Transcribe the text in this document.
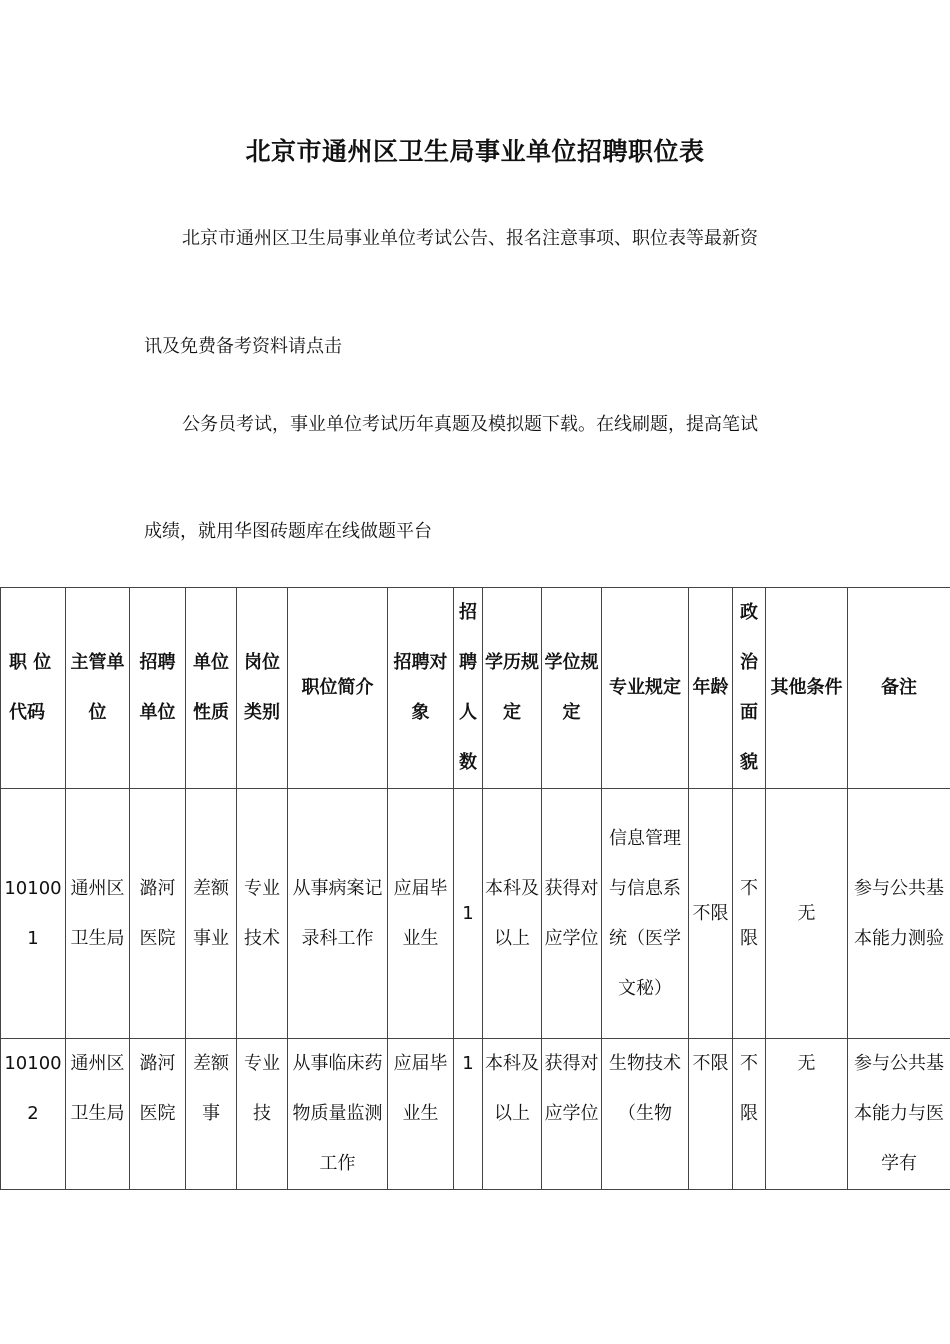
北京市通州区卫生局事业单位招聘职位表
北京市通州区卫生局事业单位考试公告、报名注意事项、职位表等最新资
讯及免费备考资料请点击
公务员考试，事业单位考试历年真题及模拟题下载。在线刷题，提高笔试
成绩，就用华图砖题库在线做题平台
职 位代码	主管单位	招聘单位	单位性质	岗位类别	职位简介	招聘对象	招聘人数	学历规定	学位规定	专业规定	年龄	政治面貌	其他条件	备注
101001	通州区卫生局	潞河医院	差额事业	专业技术	从事病案记录科工作	应届毕业生	1	本科及以上	获得对应学位	信息管理与信息系统（医学文秘）	不限	不限	无	参与公共基本能力测验
101002	通州区卫生局	潞河医院	差额事	专业技	从事临床药物质量监测工作	应届毕业生	1	本科及以上	获得对应学位	生物技术（生物	不限	不限	无	参与公共基本能力与医学有
